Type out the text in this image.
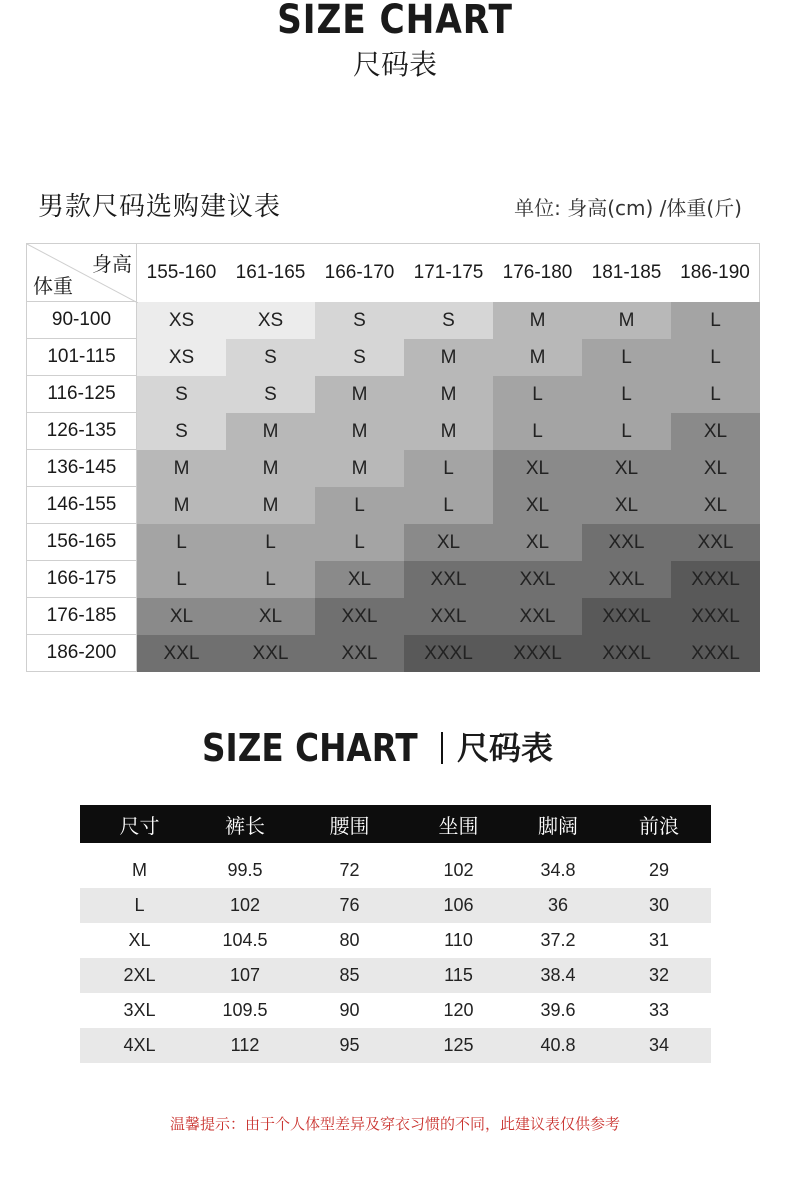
SIZE CHART
尺码表
男款尺码选购建议表	单位: 身高(cm) /体重(斤)
身高
体重
155-160	161-165	166-170	171-175	176-180	181-185 186-190
90-100	XS	XS	S	S	M	M	L
101-115	XS	S	S	M	M	L	L
116-125	S	S	M	M	L	L	L
126-135	S	M	M	M	L	L	XL
136-145	M	M	M	L	XL	XL	XL
146-155	M	M	L	L	XL	XL	XL
156-165	L	L	L	XL	XL	XXL	XXL
166-175	L	L	XL	XXL	XXL	XXL	XXXL
176-185	XL	XL	XXL	XXL	XXL	XXXL	XXXL
186-200	XXL	XXL	XXL	XXXL	XXXL	XXXL	XXXL
SIZE CHART 尺码表
尺寸	裤长	腰围	坐围	脚阔	前浪
M	99.5	72	102	34.8	29
L	102	76	106	36	30
XL	104.5	80	110	37.2	31
2XL	107	85	115	38.4	32
3XL	109.5	90	120	39.6	33
4XL	112	95	125	40.8	34
温馨提示：由于个人体型差异及穿衣习惯的不同，此建议表仅供参考
